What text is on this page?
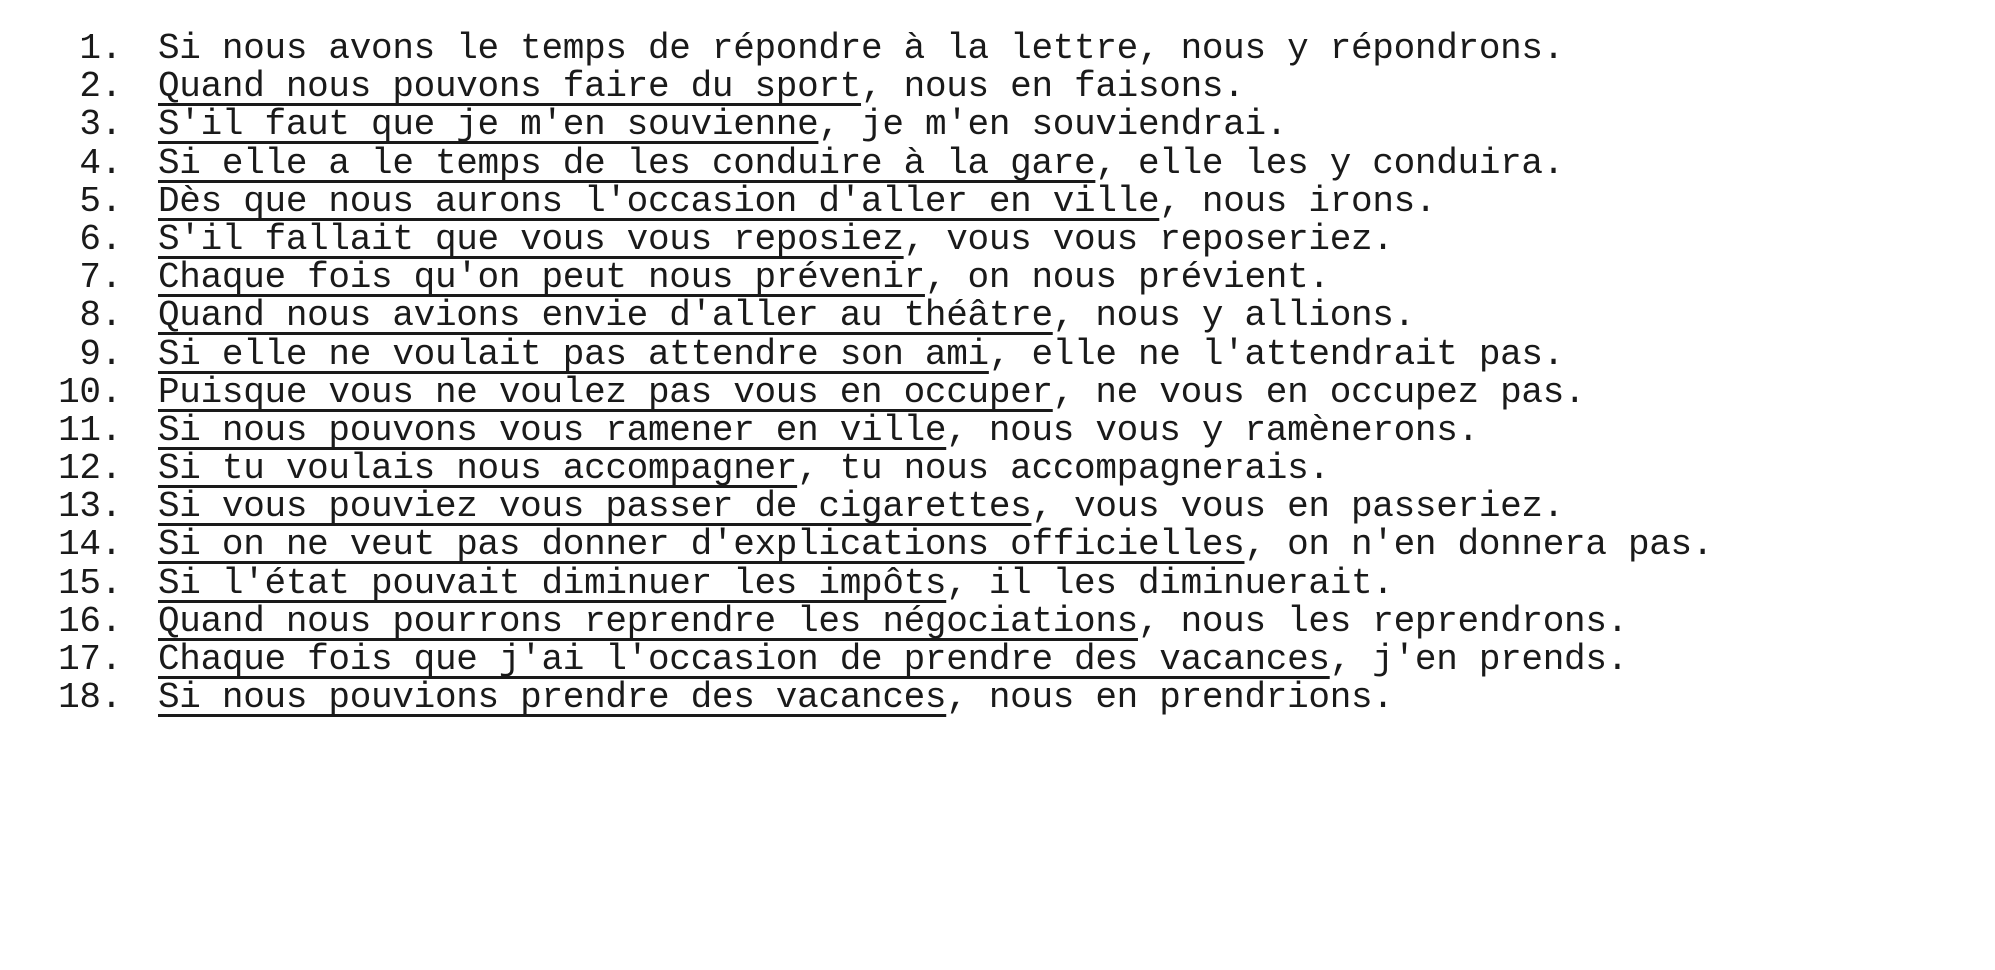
1.	Si nous avons le temps de répondre à la lettre, nous y répondrons.
2.	Quand nous pouvons faire du sport , nous en faisons.
3.	S'il faut que je m'en souvienne , je m'en souviendrai.
4.	Si elle a le temps de les conduire à la gare , elle les y conduira.
5.	Dès que nous aurons l'occasion d'aller en ville , nous irons.
6.	S'il fallait que vous vous reposiez , vous vous reposeriez.
7.	Chaque fois qu'on peut nous prévenir , on nous prévient.
8.	Quand nous avions envie d'aller au théâtre , nous y allions.
9.	Si elle ne voulait pas attendre son ami , elle ne l'attendrait pas.
10.	Puisque vous ne voulez pas vous en occuper , ne vous en occupez pas.
11.	Si nous pouvons vous ramener en ville , nous vous y ramènerons.
12.	Si tu voulais nous accompagner , tu nous accompagnerais.
13.	Si vous pouviez vous passer de cigarettes , vous vous en passeriez.
14.	Si on ne veut pas donner d'explications officielles , on n'en donnera pas.
15.	Si l'état pouvait diminuer les impôts , il les diminuerait.
16.	Quand nous pourrons reprendre les négociations , nous les reprendrons.
17.	Chaque fois que j'ai l'occasion de prendre des vacances , j'en prends.
18.	Si nous pouvions prendre des vacances , nous en prendrions.
